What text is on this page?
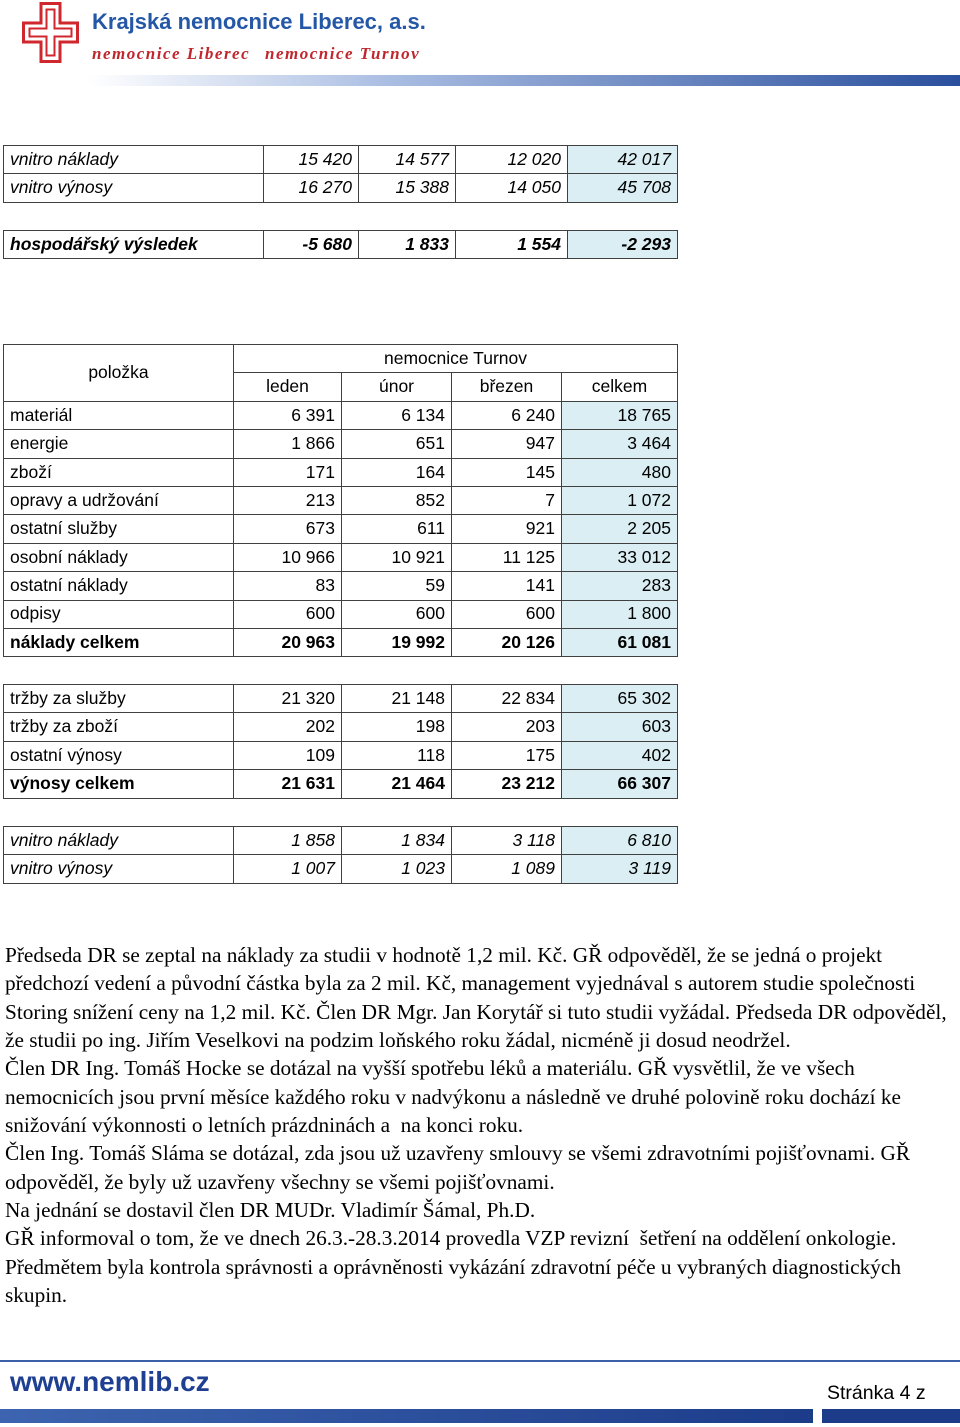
Krajská nemocnice Liberec, a.s.
nemocnice Liberec nemocnice Turnov
vnitro náklady	15 420	14 577	12 020	42 017
vnitro výnosy	16 270	15 388	14 050	45 708
hospodářský výsledek	-5 680	1 833	1 554	-2 293
položka	nemocnice Turnov			
	leden	únor	březen	celkem
materiál	6 391	6 134	6 240	18 765
energie	1 866	651	947	3 464
zboží	171	164	145	480
opravy a udržování	213	852	7	1 072
ostatní služby	673	611	921	2 205
osobní náklady	10 966	10 921	11 125	33 012
ostatní náklady	83	59	141	283
odpisy	600	600	600	1 800
náklady celkem	20 963	19 992	20 126	61 081
tržby za služby	21 320	21 148	22 834	65 302
tržby za zboží	202	198	203	603
ostatní výnosy	109	118	175	402
výnosy celkem	21 631	21 464	23 212	66 307
vnitro náklady	1 858	1 834	3 118	6 810
vnitro výnosy	1 007	1 023	1 089	3 119
Předseda DR se zeptal na náklady za studii v hodnotě 1,2 mil. Kč. GŘ odpověděl, že se jedná o projekt
předchozí vedení a původní částka byla za 2 mil. Kč, management vyjednával s autorem studie společnosti
Storing snížení ceny na 1,2 mil. Kč. Člen DR Mgr. Jan Korytář si tuto studii vyžádal. Předseda DR odpověděl,
že studii po ing. Jiřím Veselkovi na podzim loňského roku žádal, nicméně ji dosud neodržel.
Člen DR Ing. Tomáš Hocke se dotázal na vyšší spotřebu léků a materiálu. GŘ vysvětlil, že ve všech
nemocnicích jsou první měsíce každého roku v nadvýkonu a následně ve druhé polovině roku dochází ke
snižování výkonnosti o letních prázdninách a  na konci roku.
Člen Ing. Tomáš Sláma se dotázal, zda jsou už uzavřeny smlouvy se všemi zdravotními pojišťovnami. GŘ
odpověděl, že byly už uzavřeny všechny se všemi pojišťovnami.
Na jednání se dostavil člen DR MUDr. Vladimír Šámal, Ph.D.
GŘ informoval o tom, že ve dnech 26.3.-28.3.2014 provedla VZP revizní  šetření na oddělení onkologie.
Předmětem byla kontrola správnosti a oprávněnosti vykázání zdravotní péče u vybraných diagnostických
skupin.
www.nemlib.cz	Stránka 4 z
